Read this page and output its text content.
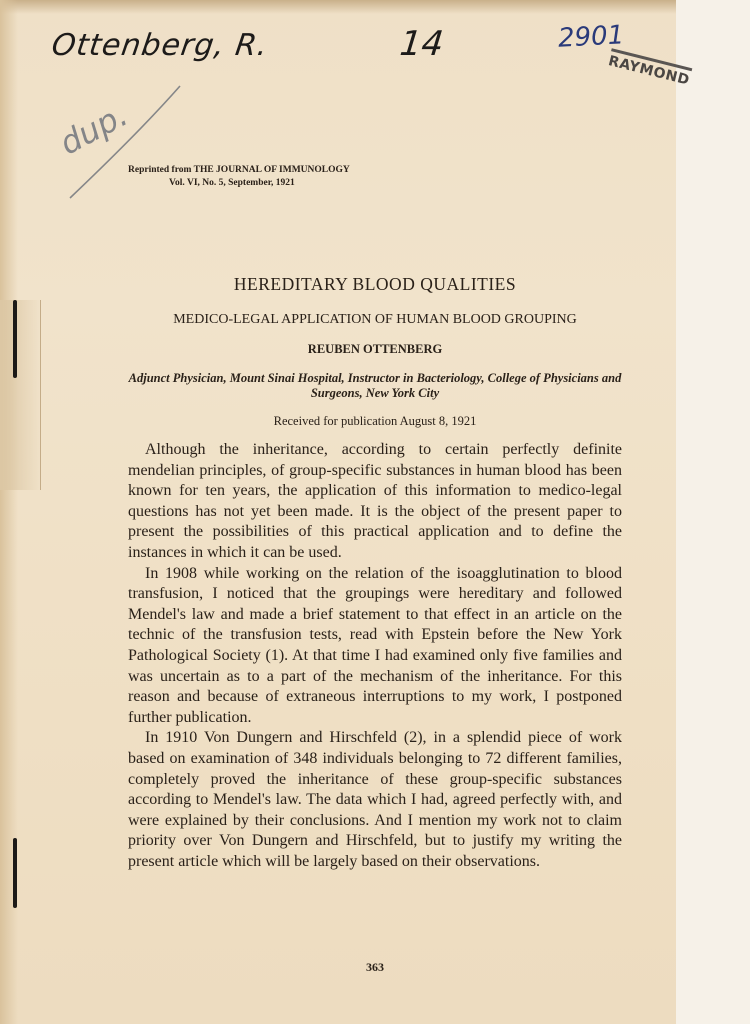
Ottenberg, R.	14	2901
dup.
RAYMOND
Reprinted from THE JOURNAL OF IMMUNOLOGY
Vol. VI, No. 5, September, 1921
HEREDITARY BLOOD QUALITIES
MEDICO-LEGAL APPLICATION OF HUMAN BLOOD GROUPING
REUBEN OTTENBERG
Adjunct Physician, Mount Sinai Hospital, Instructor in Bacteriology, College of Physicians and Surgeons, New York City
Received for publication August 8, 1921

Although the inheritance, according to certain perfectly definite mendelian principles, of group-specific substances in human blood has been known for ten years, the application of this information to medico-legal questions has not yet been made. It is the object of the present paper to present the possibilities of this practical application and to define the instances in which it can be used.

In 1908 while working on the relation of the isoagglutination to blood transfusion, I noticed that the groupings were hereditary and followed Mendel's law and made a brief statement to that effect in an article on the technic of the transfusion tests, read with Epstein before the New York Pathological Society (1). At that time I had examined only five families and was uncertain as to a part of the mechanism of the inheritance. For this reason and because of extraneous interruptions to my work, I postponed further publication.

In 1910 Von Dungern and Hirschfeld (2), in a splendid piece of work based on examination of 348 individuals belonging to 72 different families, completely proved the inheritance of these group-specific substances according to Mendel's law. The data which I had, agreed perfectly with, and were explained by their conclusions. And I mention my work not to claim priority over Von Dungern and Hirschfeld, but to justify my writing the present article which will be largely based on their observations.

363
